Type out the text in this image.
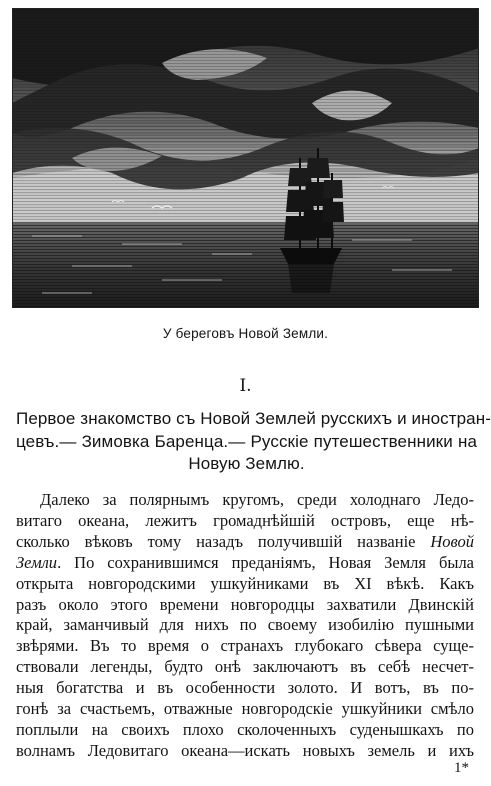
У береговъ Новой Земли.
I.
Первое знакомство съ Новой Землей русскихъ и иностран-
цевъ.— Зимовка Баренца.— Русскіе путешественники на
Новую Землю.
Далеко за полярнымъ кругомъ, среди холоднаго Ледо-
витаго океана, лежитъ громаднѣйшій островъ, еще нѣ-
сколько вѣковъ тому назадъ получившій названіе Новой
Земли. По сохранившимся преданіямъ, Новая Земля была
открыта новгородскими ушкуйниками въ XI вѣкѣ. Какъ
разъ около этого времени новгородцы захватили Двинскій
край, заманчивый для нихъ по своему изобилію пушными
звѣрями. Въ то время о странахъ глубокаго сѣвера суще-
ствовали легенды, будто онѣ заключаютъ въ себѣ несчет-
ныя богатства и въ особенности золото. И вотъ, въ по-
гонѣ за счастьемъ, отважные новгородскіе ушкуйники смѣло
поплыли на своихъ плохо сколоченныхъ суденышкахъ по
волнамъ Ледовитаго океана—искать новыхъ земель и ихъ
1*
